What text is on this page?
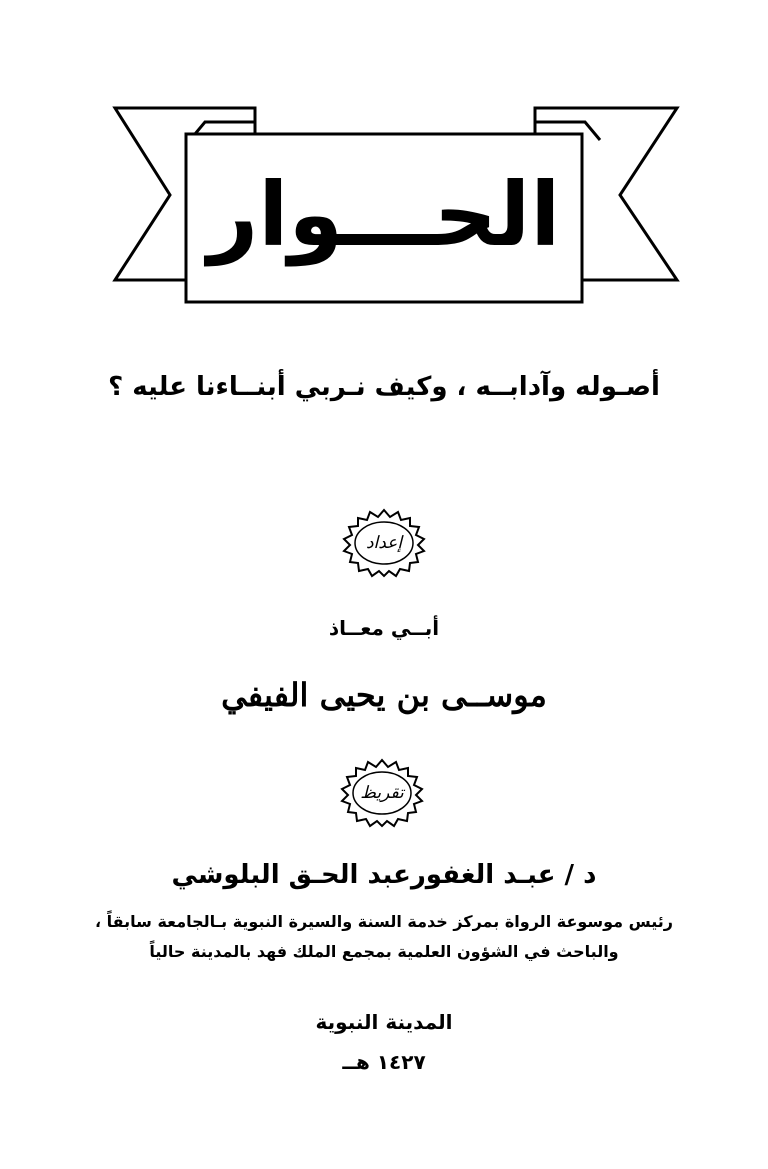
الحـــوار
أصـوله وآدابــه ، وكيف نـربي أبنــاءنا عليه ؟
إعداد
أبــي معــاذ
موســى بن يحيى الفيفي
تقريظ
د / عبـد الغفورعبد الحـق البلوشي
رئيس موسوعة الرواة بمركز خدمة السنة والسيرة النبوية بـالجامعة سابقاً ،
والباحث في الشؤون العلمية بمجمع الملك فهد بالمدينة حالياً
المدينة النبوية
١٤٢٧ هــ
